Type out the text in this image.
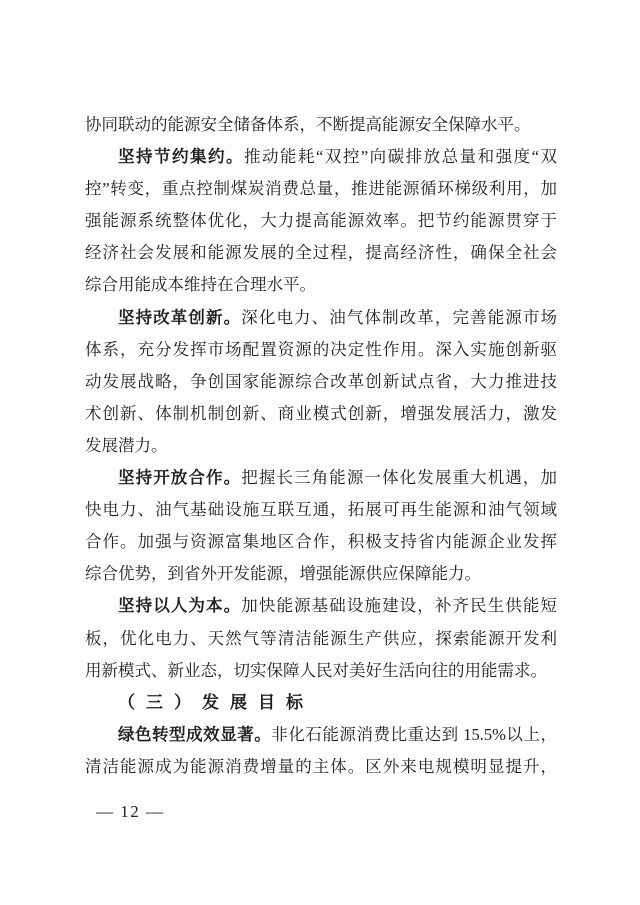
协同联动的能源安全储备体系，不断提高能源安全保障水平。
坚持节约集约。推动能耗“双控”向碳排放总量和强度“双
控”转变，重点控制煤炭消费总量，推进能源循环梯级利用，加
强能源系统整体优化，大力提高能源效率。把节约能源贯穿于
经济社会发展和能源发展的全过程，提高经济性，确保全社会
综合用能成本维持在合理水平。
坚持改革创新。深化电力、油气体制改革，完善能源市场
体系，充分发挥市场配置资源的决定性作用。深入实施创新驱
动发展战略，争创国家能源综合改革创新试点省，大力推进技
术创新、体制机制创新、商业模式创新，增强发展活力，激发
发展潜力。
坚持开放合作。把握长三角能源一体化发展重大机遇，加
快电力、油气基础设施互联互通，拓展可再生能源和油气领域
合作。加强与资源富集地区合作，积极支持省内能源企业发挥
综合优势，到省外开发能源，增强能源供应保障能力。
坚持以人为本。加快能源基础设施建设，补齐民生供能短
板，优化电力、天然气等清洁能源生产供应，探索能源开发利
用新模式、新业态，切实保障人民对美好生活向往的用能需求。
（三）发展目标
绿色转型成效显著。非化石能源消费比重达到 15.5%以上，
清洁能源成为能源消费增量的主体。区外来电规模明显提升，
— 12 —
